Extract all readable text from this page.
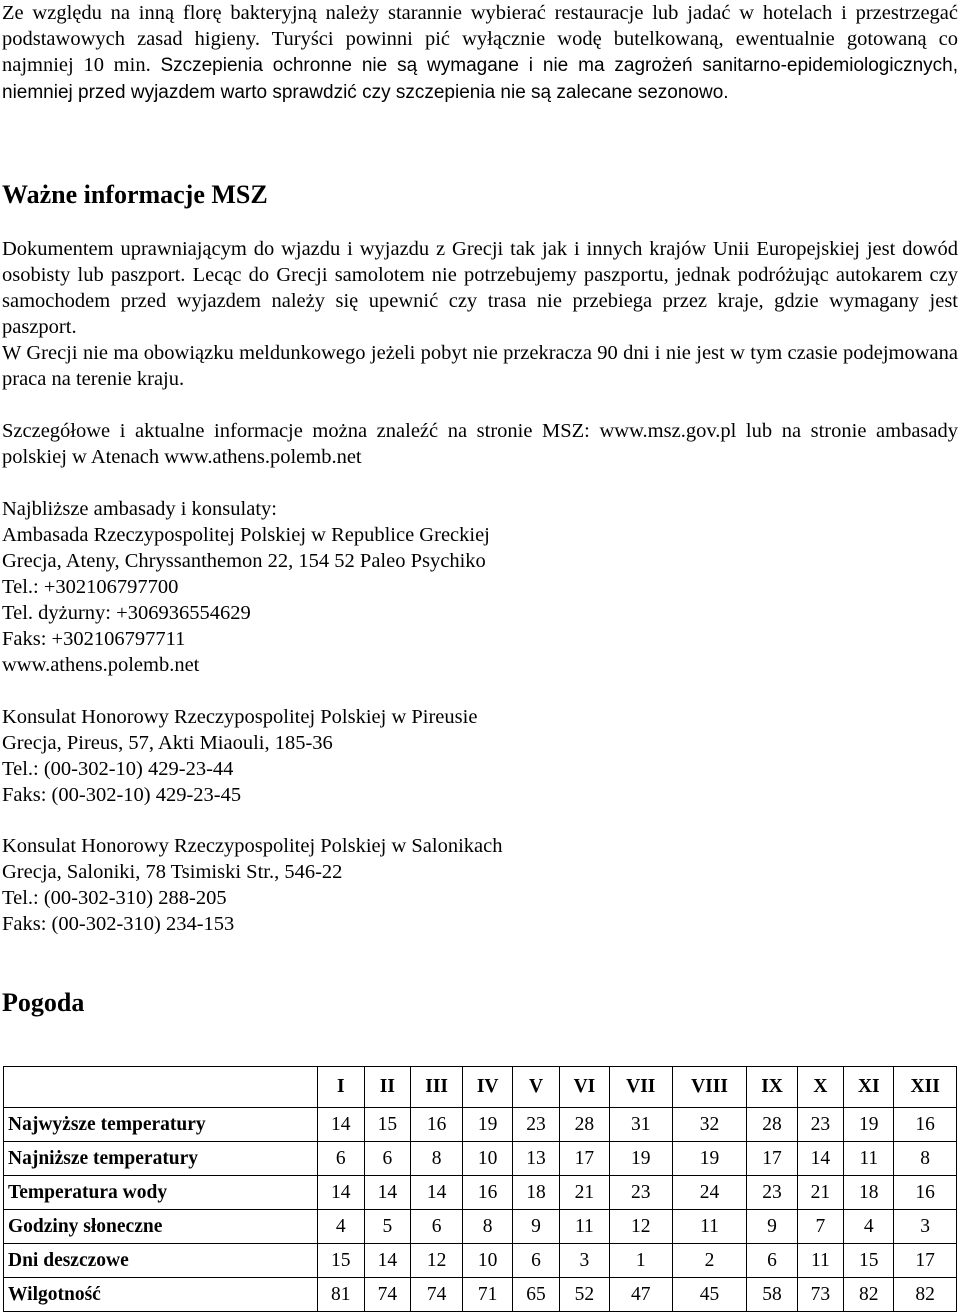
Ze względu na inną florę bakteryjną należy starannie wybierać restauracje lub jadać w hotelach i przestrzegać podstawowych zasad higieny. Turyści powinni pić wyłącznie wodę butelkowaną, ewentualnie gotowaną co najmniej 10 min. Szczepienia ochronne nie są wymagane i nie ma zagrożeń sanitarno-epidemiologicznych, niemniej przed wyjazdem warto sprawdzić czy szczepienia nie są zalecane sezonowo.

Ważne informacje MSZ

Dokumentem uprawniającym do wjazdu i wyjazdu z Grecji tak jak i innych krajów Unii Europejskiej jest dowód osobisty lub paszport. Lecąc do Grecji samolotem nie potrzebujemy paszportu, jednak podróżując autokarem czy samochodem przed wyjazdem należy się upewnić czy trasa nie przebiega przez kraje, gdzie wymagany jest paszport.
W Grecji nie ma obowiązku meldunkowego jeżeli pobyt nie przekracza 90 dni i nie jest w tym czasie podejmowana praca na terenie kraju.

Szczegółowe i aktualne informacje można znaleźć na stronie MSZ: www.msz.gov.pl lub na stronie ambasady polskiej w Atenach www.athens.polemb.net

Najbliższe ambasady i konsulaty:
Ambasada Rzeczypospolitej Polskiej w Republice Greckiej
Grecja, Ateny, Chryssanthemon 22, 154 52 Paleo Psychiko
Tel.: +302106797700
Tel. dyżurny: +306936554629
Faks: +302106797711
www.athens.polemb.net
Konsulat Honorowy Rzeczypospolitej Polskiej w Pireusie
Grecja, Pireus, 57, Akti Miaouli, 185-36
Tel.: (00-302-10) 429-23-44
Faks: (00-302-10) 429-23-45
Konsulat Honorowy Rzeczypospolitej Polskiej w Salonikach
Grecja, Saloniki, 78 Tsimiski Str., 546-22
Tel.: (00-302-310) 288-205
Faks: (00-302-310) 234-153
Pogoda
	I	II	III	IV	V	VI	VII	VIII	IX	X	XI	XII
Najwyższe temperatury	14	15	16	19	23	28	31	32	28	23	19	16
Najniższe temperatury	6	6	8	10	13	17	19	19	17	14	11	8
Temperatura wody	14	14	14	16	18	21	23	24	23	21	18	16
Godziny słoneczne	4	5	6	8	9	11	12	11	9	7	4	3
Dni deszczowe	15	14	12	10	6	3	1	2	6	11	15	17
Wilgotność	81	74	74	71	65	52	47	45	58	73	82	82
